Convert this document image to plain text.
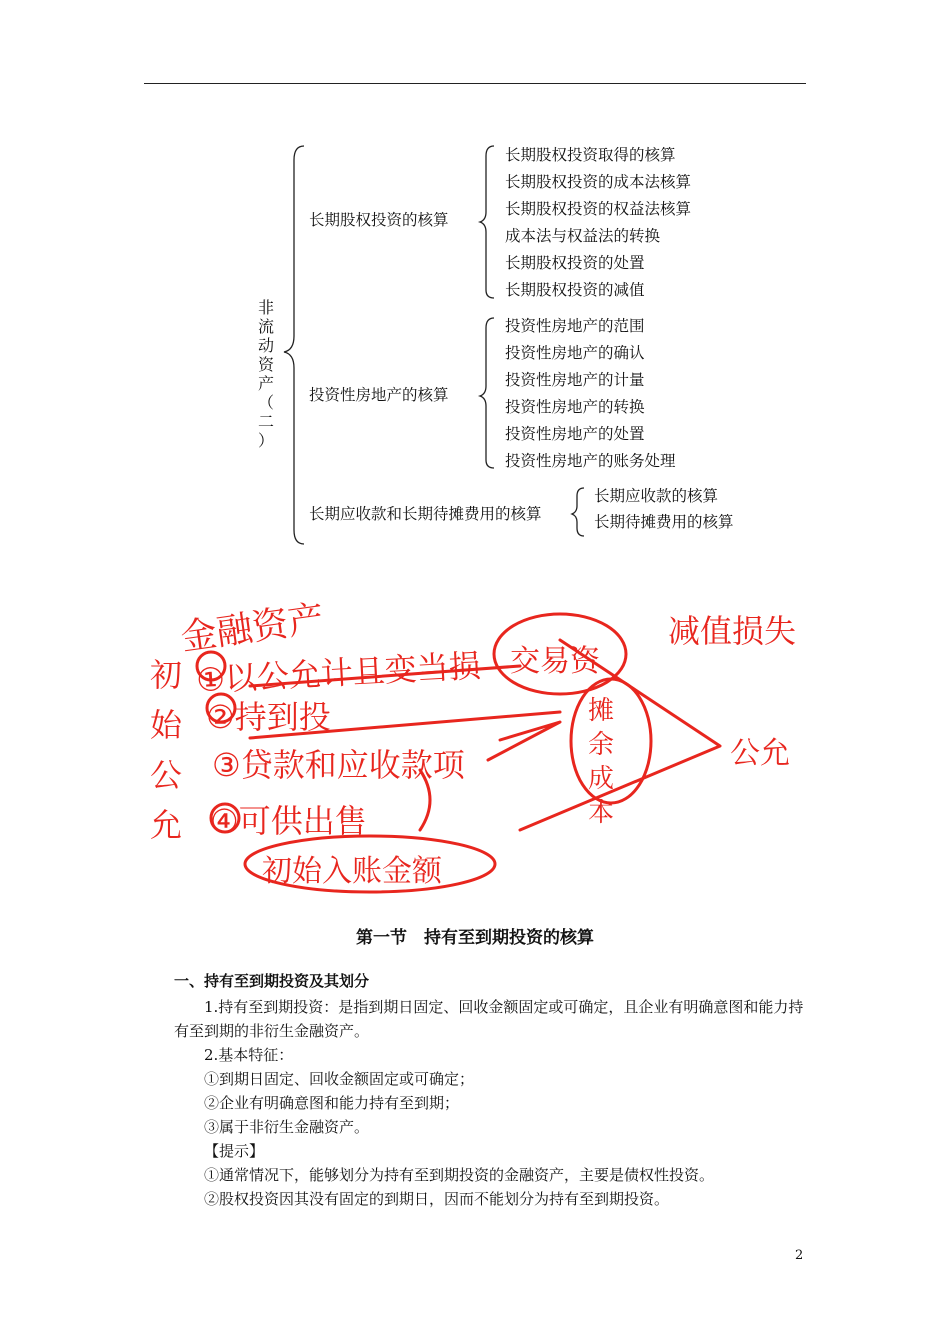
非
流
动
资
产
（
二
）
长期股权投资的核算
投资性房地产的核算
长期应收款和长期待摊费用的核算
长期股权投资取得的核算
长期股权投资的成本法核算
长期股权投资的权益法核算
成本法与权益法的转换
长期股权投资的处置
长期股权投资的减值
投资性房地产的范围
投资性房地产的确认
投资性房地产的计量
投资性房地产的转换
投资性房地产的处置
投资性房地产的账务处理
长期应收款的核算
长期待摊费用的核算
金融资产
初始公允
①以公允计且变当损 交易资
②持到投
③贷款和应收款项
④可供出售
初始入账金额
摊余成本
减值损失
公允
第一节　持有至到期投资的核算
一、持有至到期投资及其划分

1.持有至到期投资：是指到期日固定、回收金额固定或可确定，且企业有明确意图和能力持有至到期的非衍生金融资产。

2.基本特征：

①到期日固定、回收金额固定或可确定；

②企业有明确意图和能力持有至到期；

③属于非衍生金融资产。

【提示】

①通常情况下，能够划分为持有至到期投资的金融资产，主要是债权性投资。

②股权投资因其没有固定的到期日，因而不能划分为持有至到期投资。

2
